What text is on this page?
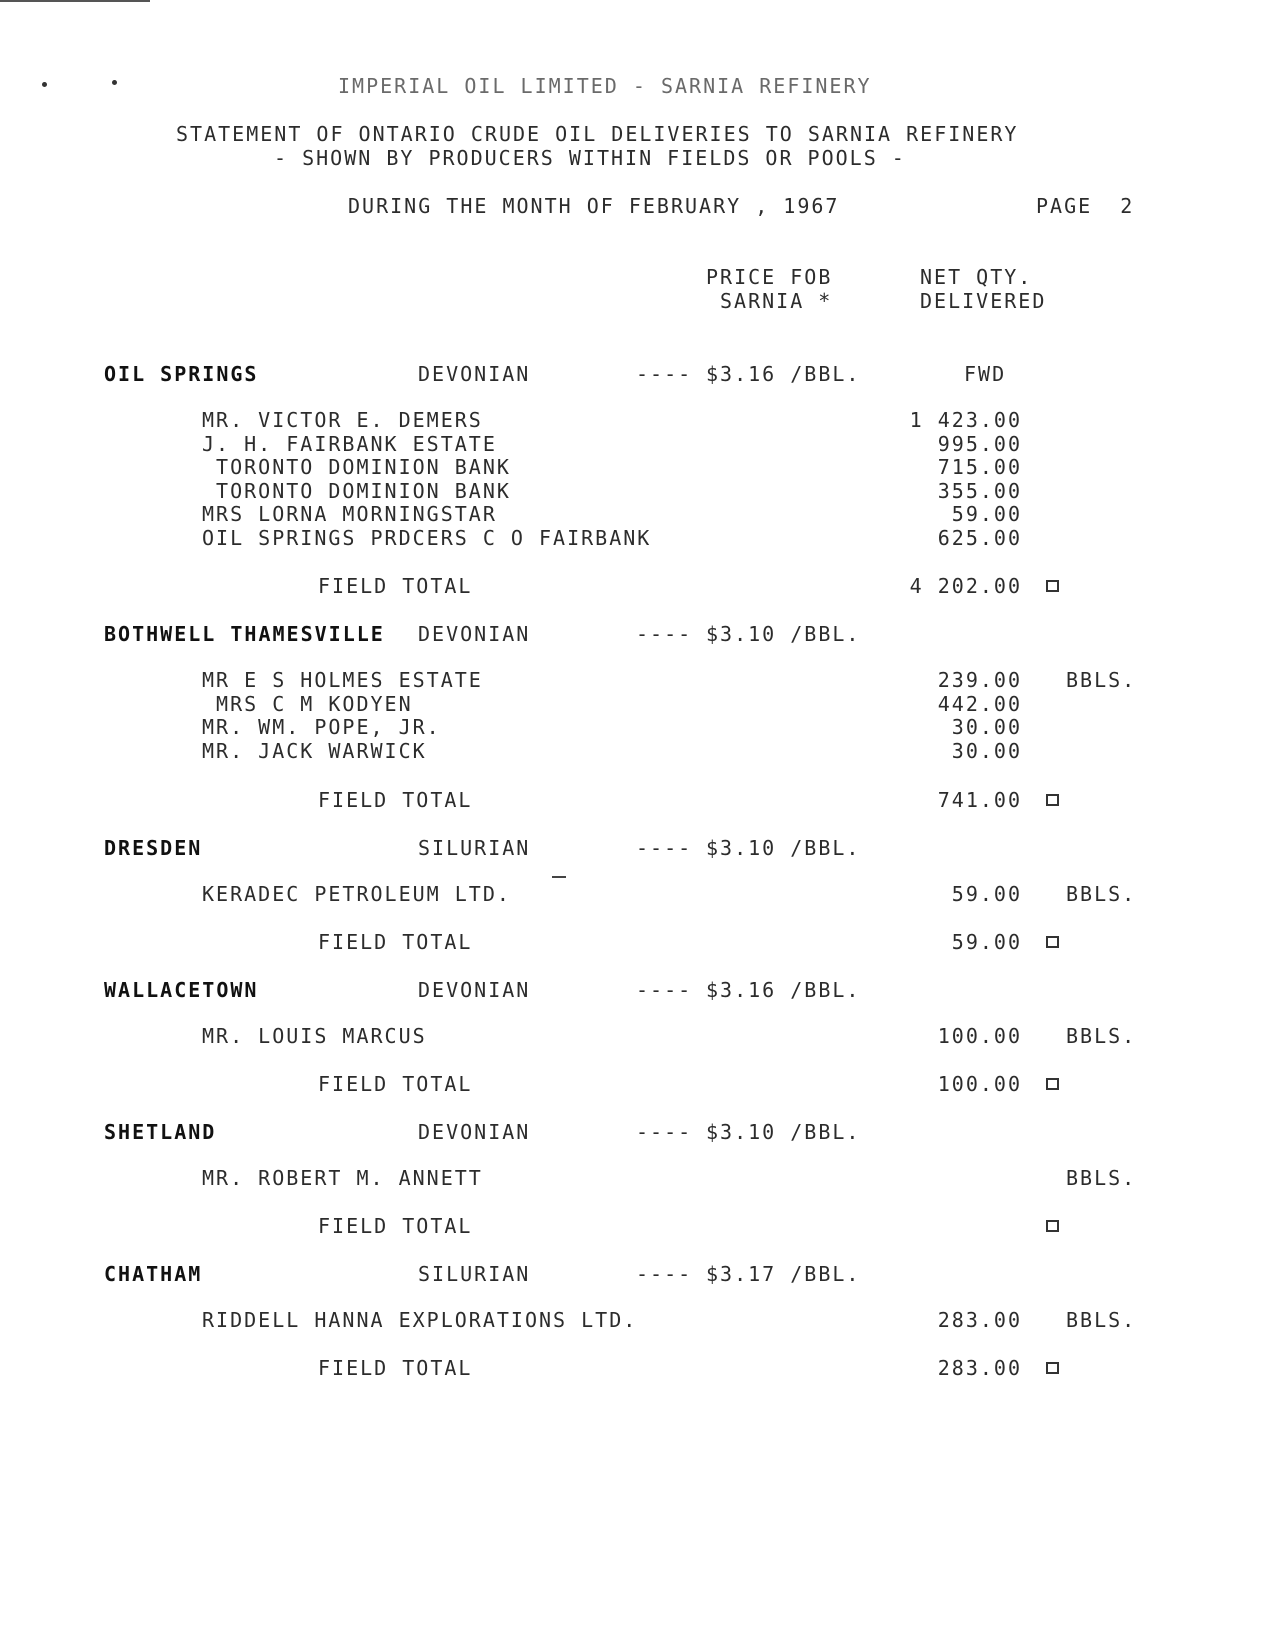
IMPERIAL OIL LIMITED - SARNIA REFINERY
STATEMENT OF ONTARIO CRUDE OIL DELIVERIES TO SARNIA REFINERY
- SHOWN BY PRODUCERS WITHIN FIELDS OR POOLS -
DURING THE MONTH OF FEBRUARY , 1967	PAGE  2
PRICE FOB
SARNIA *
NET QTY.
DELIVERED
OIL SPRINGS	DEVONIAN	---- $3.16 /BBL.	FWD
MR. VICTOR E. DEMERS	1 423.00
J. H. FAIRBANK ESTATE	995.00
TORONTO DOMINION BANK	715.00
TORONTO DOMINION BANK	355.00
MRS LORNA MORNINGSTAR	59.00
OIL SPRINGS PRDCERS C O FAIRBANK	625.00
FIELD TOTAL	4 202.00
BOTHWELL THAMESVILLE DEVONIAN	---- $3.10 /BBL.
MR E S HOLMES ESTATE	239.00 BBLS.
MRS C M KODYEN	442.00
MR. WM. POPE, JR.	30.00
MR. JACK WARWICK	30.00
FIELD TOTAL	741.00
DRESDEN	SILURIAN	---- $3.10 /BBL.
KERADEC PETROLEUM LTD.	59.00 BBLS.
FIELD TOTAL	59.00
WALLACETOWN	DEVONIAN	---- $3.16 /BBL.
MR. LOUIS MARCUS	100.00 BBLS.
FIELD TOTAL	100.00
SHETLAND	DEVONIAN	---- $3.10 /BBL.
MR. ROBERT M. ANNETT	BBLS.
FIELD TOTAL
CHATHAM	SILURIAN	---- $3.17 /BBL.
RIDDELL HANNA EXPLORATIONS LTD.	283.00 BBLS.
FIELD TOTAL	283.00
